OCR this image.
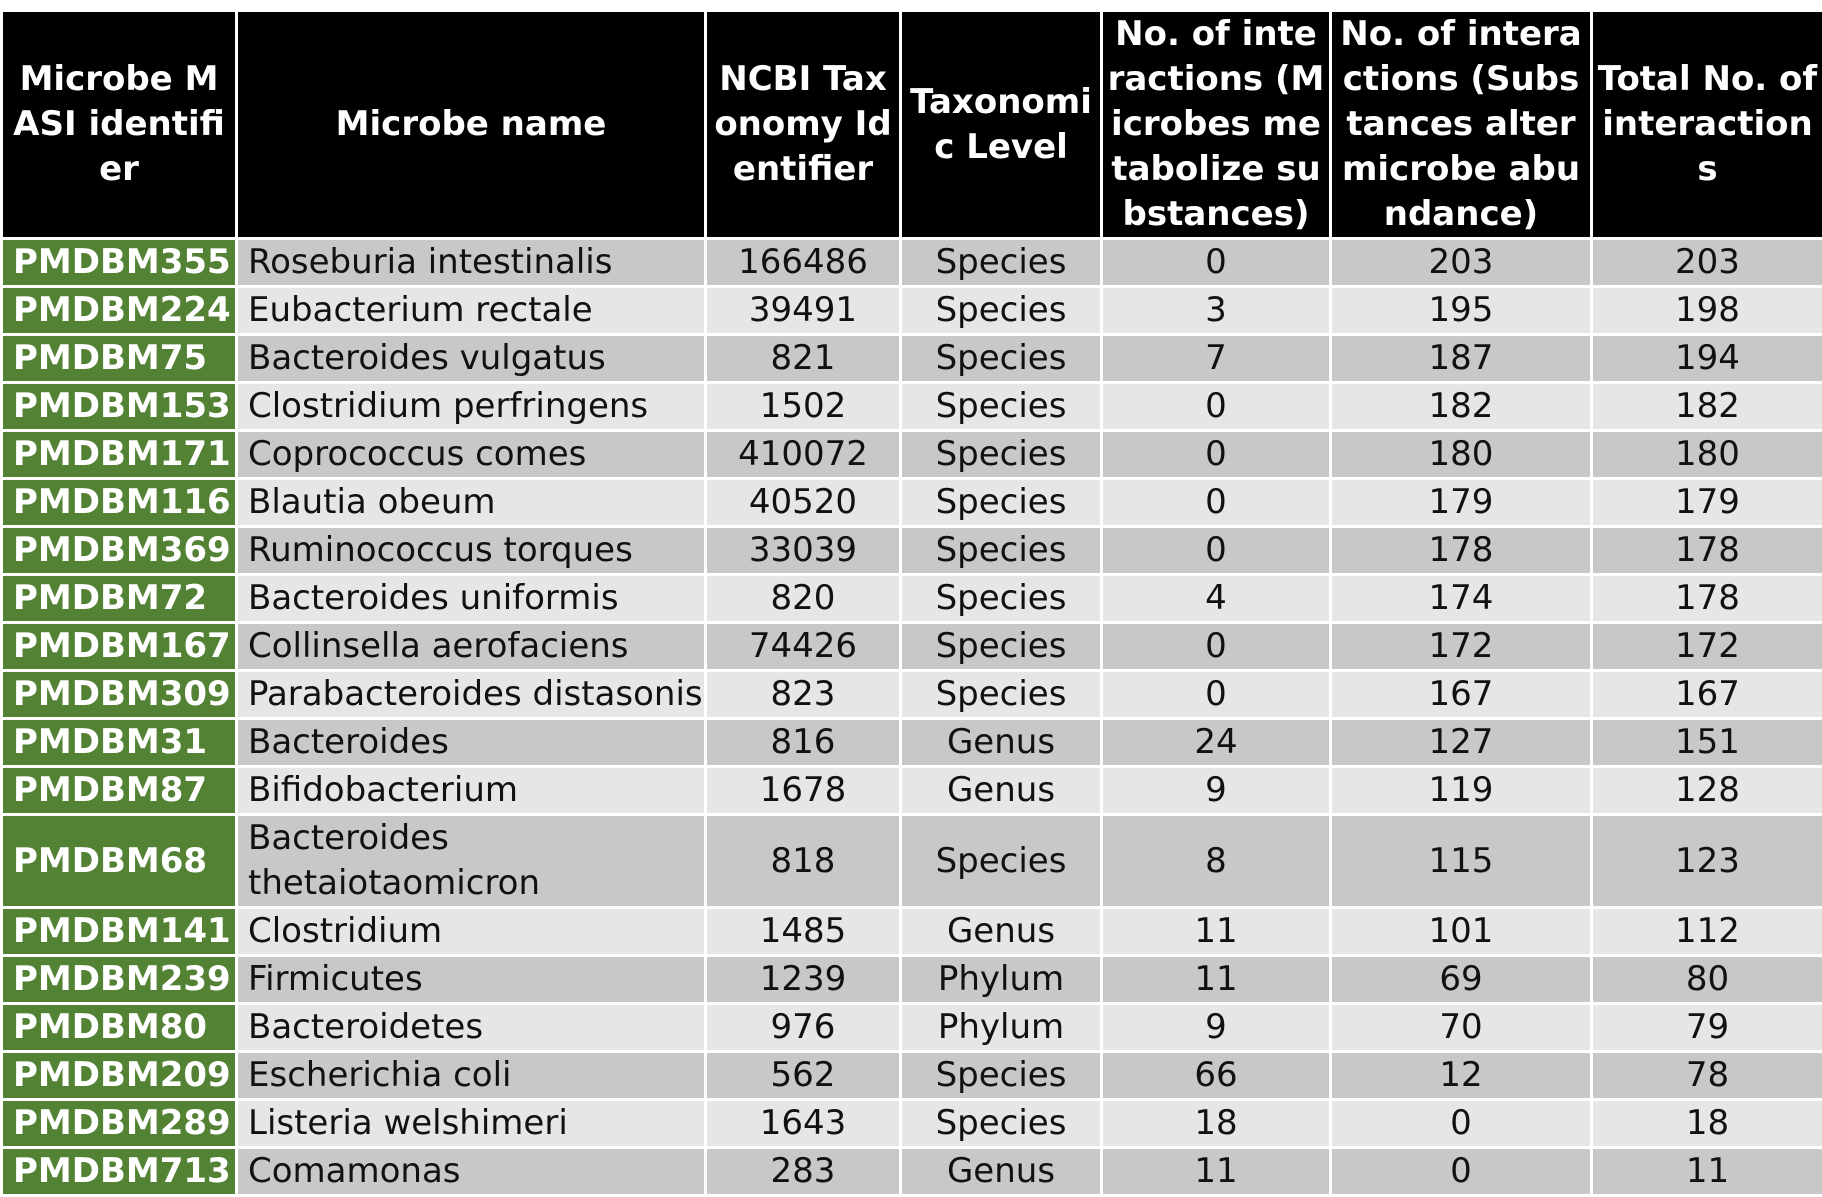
Microbe MASI identifier	Microbe name	NCBI Taxonomy Identifier	Taxonomic Level	No. of interactions (Microbes metabolize substances)	No. of interactions (Substances alter microbe abundance)	Total No. of interactions
PMDBM355	Roseburia intestinalis	166486	Species	0	203	203
PMDBM224	Eubacterium rectale	39491	Species	3	195	198
PMDBM75	Bacteroides vulgatus	821	Species	7	187	194
PMDBM153	Clostridium perfringens	1502	Species	0	182	182
PMDBM171	Coprococcus comes	410072	Species	0	180	180
PMDBM116	Blautia obeum	40520	Species	0	179	179
PMDBM369	Ruminococcus torques	33039	Species	0	178	178
PMDBM72	Bacteroides uniformis	820	Species	4	174	178
PMDBM167	Collinsella aerofaciens	74426	Species	0	172	172
PMDBM309	Parabacteroides distasonis	823	Species	0	167	167
PMDBM31	Bacteroides	816	Genus	24	127	151
PMDBM87	Bifidobacterium	1678	Genus	9	119	128
PMDBM68	Bacteroides thetaiotaomicron	818	Species	8	115	123
PMDBM141	Clostridium	1485	Genus	11	101	112
PMDBM239	Firmicutes	1239	Phylum	11	69	80
PMDBM80	Bacteroidetes	976	Phylum	9	70	79
PMDBM209	Escherichia coli	562	Species	66	12	78
PMDBM289	Listeria welshimeri	1643	Species	18	0	18
PMDBM713	Comamonas	283	Genus	11	0	11
